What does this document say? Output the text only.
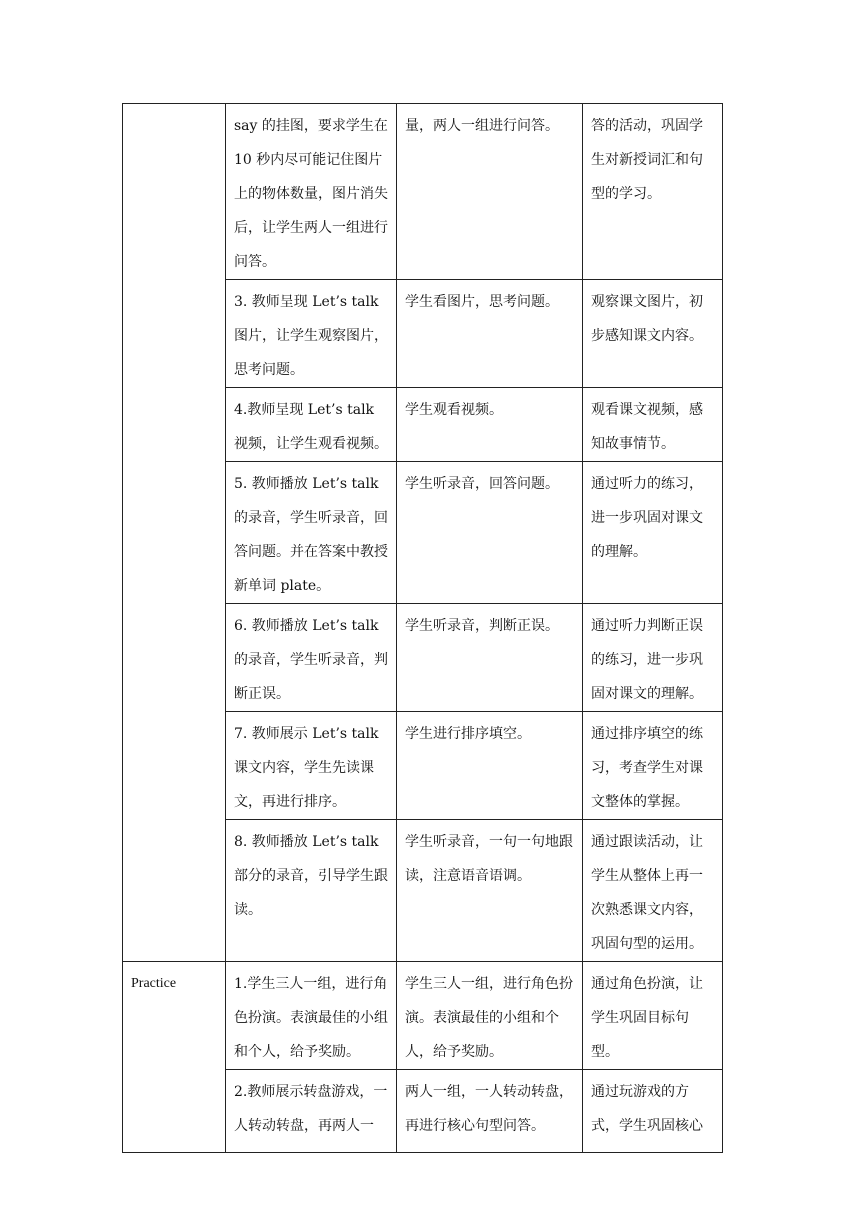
	say 的挂图，要求学生在10 秒内尽可能记住图片上的物体数量，图片消失后，让学生两人一组进行问答。	量，两人一组进行问答。	答的活动，巩固学生对新授词汇和句型的学习。
	3. 教师呈现 Let’s talk 图片，让学生观察图片，思考问题。	学生看图片，思考问题。	观察课文图片，初步感知课文内容。
	4.教师呈现 Let’s talk 视频，让学生观看视频。	学生观看视频。	观看课文视频，感知故事情节。
	5. 教师播放 Let’s talk 的录音，学生听录音，回答问题。并在答案中教授新单词 plate。	学生听录音，回答问题。	通过听力的练习，进一步巩固对课文的理解。
	6. 教师播放 Let’s talk 的录音，学生听录音，判断正误。	学生听录音，判断正误。	通过听力判断正误的练习，进一步巩固对课文的理解。
	7. 教师展示 Let’s talk 课文内容，学生先读课文，再进行排序。	学生进行排序填空。	通过排序填空的练习，考查学生对课文整体的掌握。
	8. 教师播放 Let’s talk 部分的录音，引导学生跟读。	学生听录音，一句一句地跟读，注意语音语调。	通过跟读活动，让学生从整体上再一次熟悉课文内容，巩固句型的运用。
Practice	1.学生三人一组，进行角色扮演。表演最佳的小组和个人，给予奖励。	学生三人一组，进行角色扮演。表演最佳的小组和个人，给予奖励。	通过角色扮演，让学生巩固目标句型。
	2.教师展示转盘游戏，一人转动转盘，再两人一	两人一组，一人转动转盘，再进行核心句型问答。	通过玩游戏的方式，学生巩固核心
